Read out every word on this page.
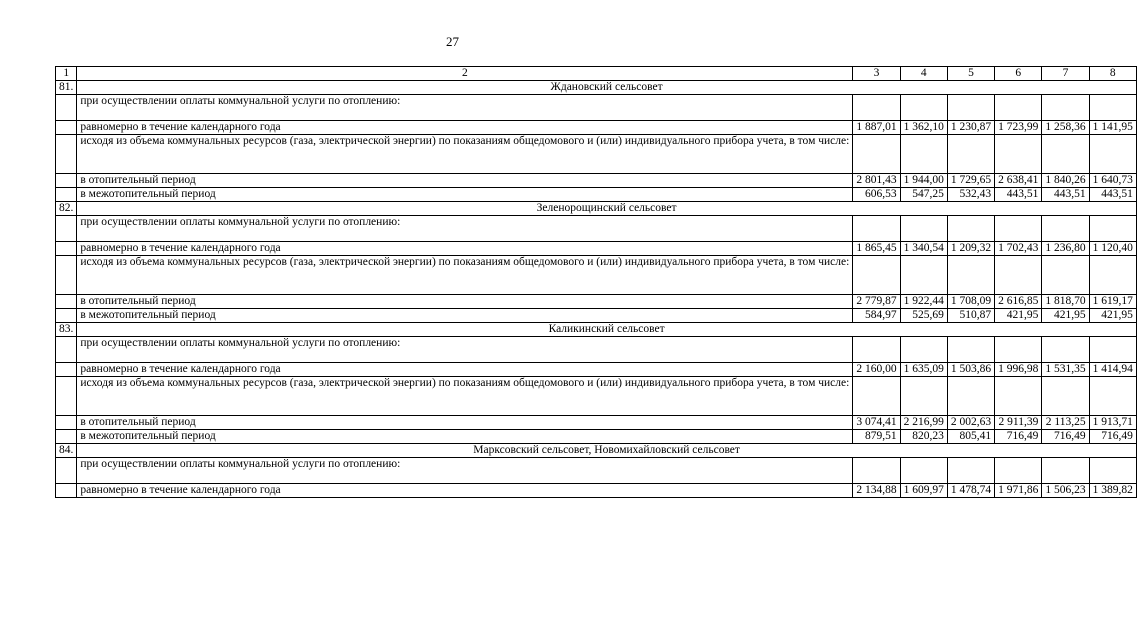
27
1	2	3	4	5	6	7	8
81.	Ждановский сельсовет						
	при осуществлении оплаты коммунальной услуги по отоплению:						
	равномерно в течение календарного года	1 887,01	1 362,10	1 230,87	1 723,99	1 258,36	1 141,95
	исходя из объема коммунальных ресурсов (газа, электрической энергии) по показаниям общедомового и (или) индивидуального прибора учета, в том числе:						
	в отопительный период	2 801,43	1 944,00	1 729,65	2 638,41	1 840,26	1 640,73
	в межотопительный период	606,53	547,25	532,43	443,51	443,51	443,51
82.	Зеленорощинский сельсовет						
	при осуществлении оплаты коммунальной услуги по отоплению:						
	равномерно в течение календарного года	1 865,45	1 340,54	1 209,32	1 702,43	1 236,80	1 120,40
	исходя из объема коммунальных ресурсов (газа, электрической энергии) по показаниям общедомового и (или) индивидуального прибора учета, в том числе:						
	в отопительный период	2 779,87	1 922,44	1 708,09	2 616,85	1 818,70	1 619,17
	в межотопительный период	584,97	525,69	510,87	421,95	421,95	421,95
83.	Каликинский сельсовет						
	при осуществлении оплаты коммунальной услуги по отоплению:						
	равномерно в течение календарного года	2 160,00	1 635,09	1 503,86	1 996,98	1 531,35	1 414,94
	исходя из объема коммунальных ресурсов (газа, электрической энергии) по показаниям общедомового и (или) индивидуального прибора учета, в том числе:						
	в отопительный период	3 074,41	2 216,99	2 002,63	2 911,39	2 113,25	1 913,71
	в межотопительный период	879,51	820,23	805,41	716,49	716,49	716,49
84.	Марксовский сельсовет, Новомихайловский сельсовет						
	при осуществлении оплаты коммунальной услуги по отоплению:						
	равномерно в течение календарного года	2 134,88	1 609,97	1 478,74	1 971,86	1 506,23	1 389,82
